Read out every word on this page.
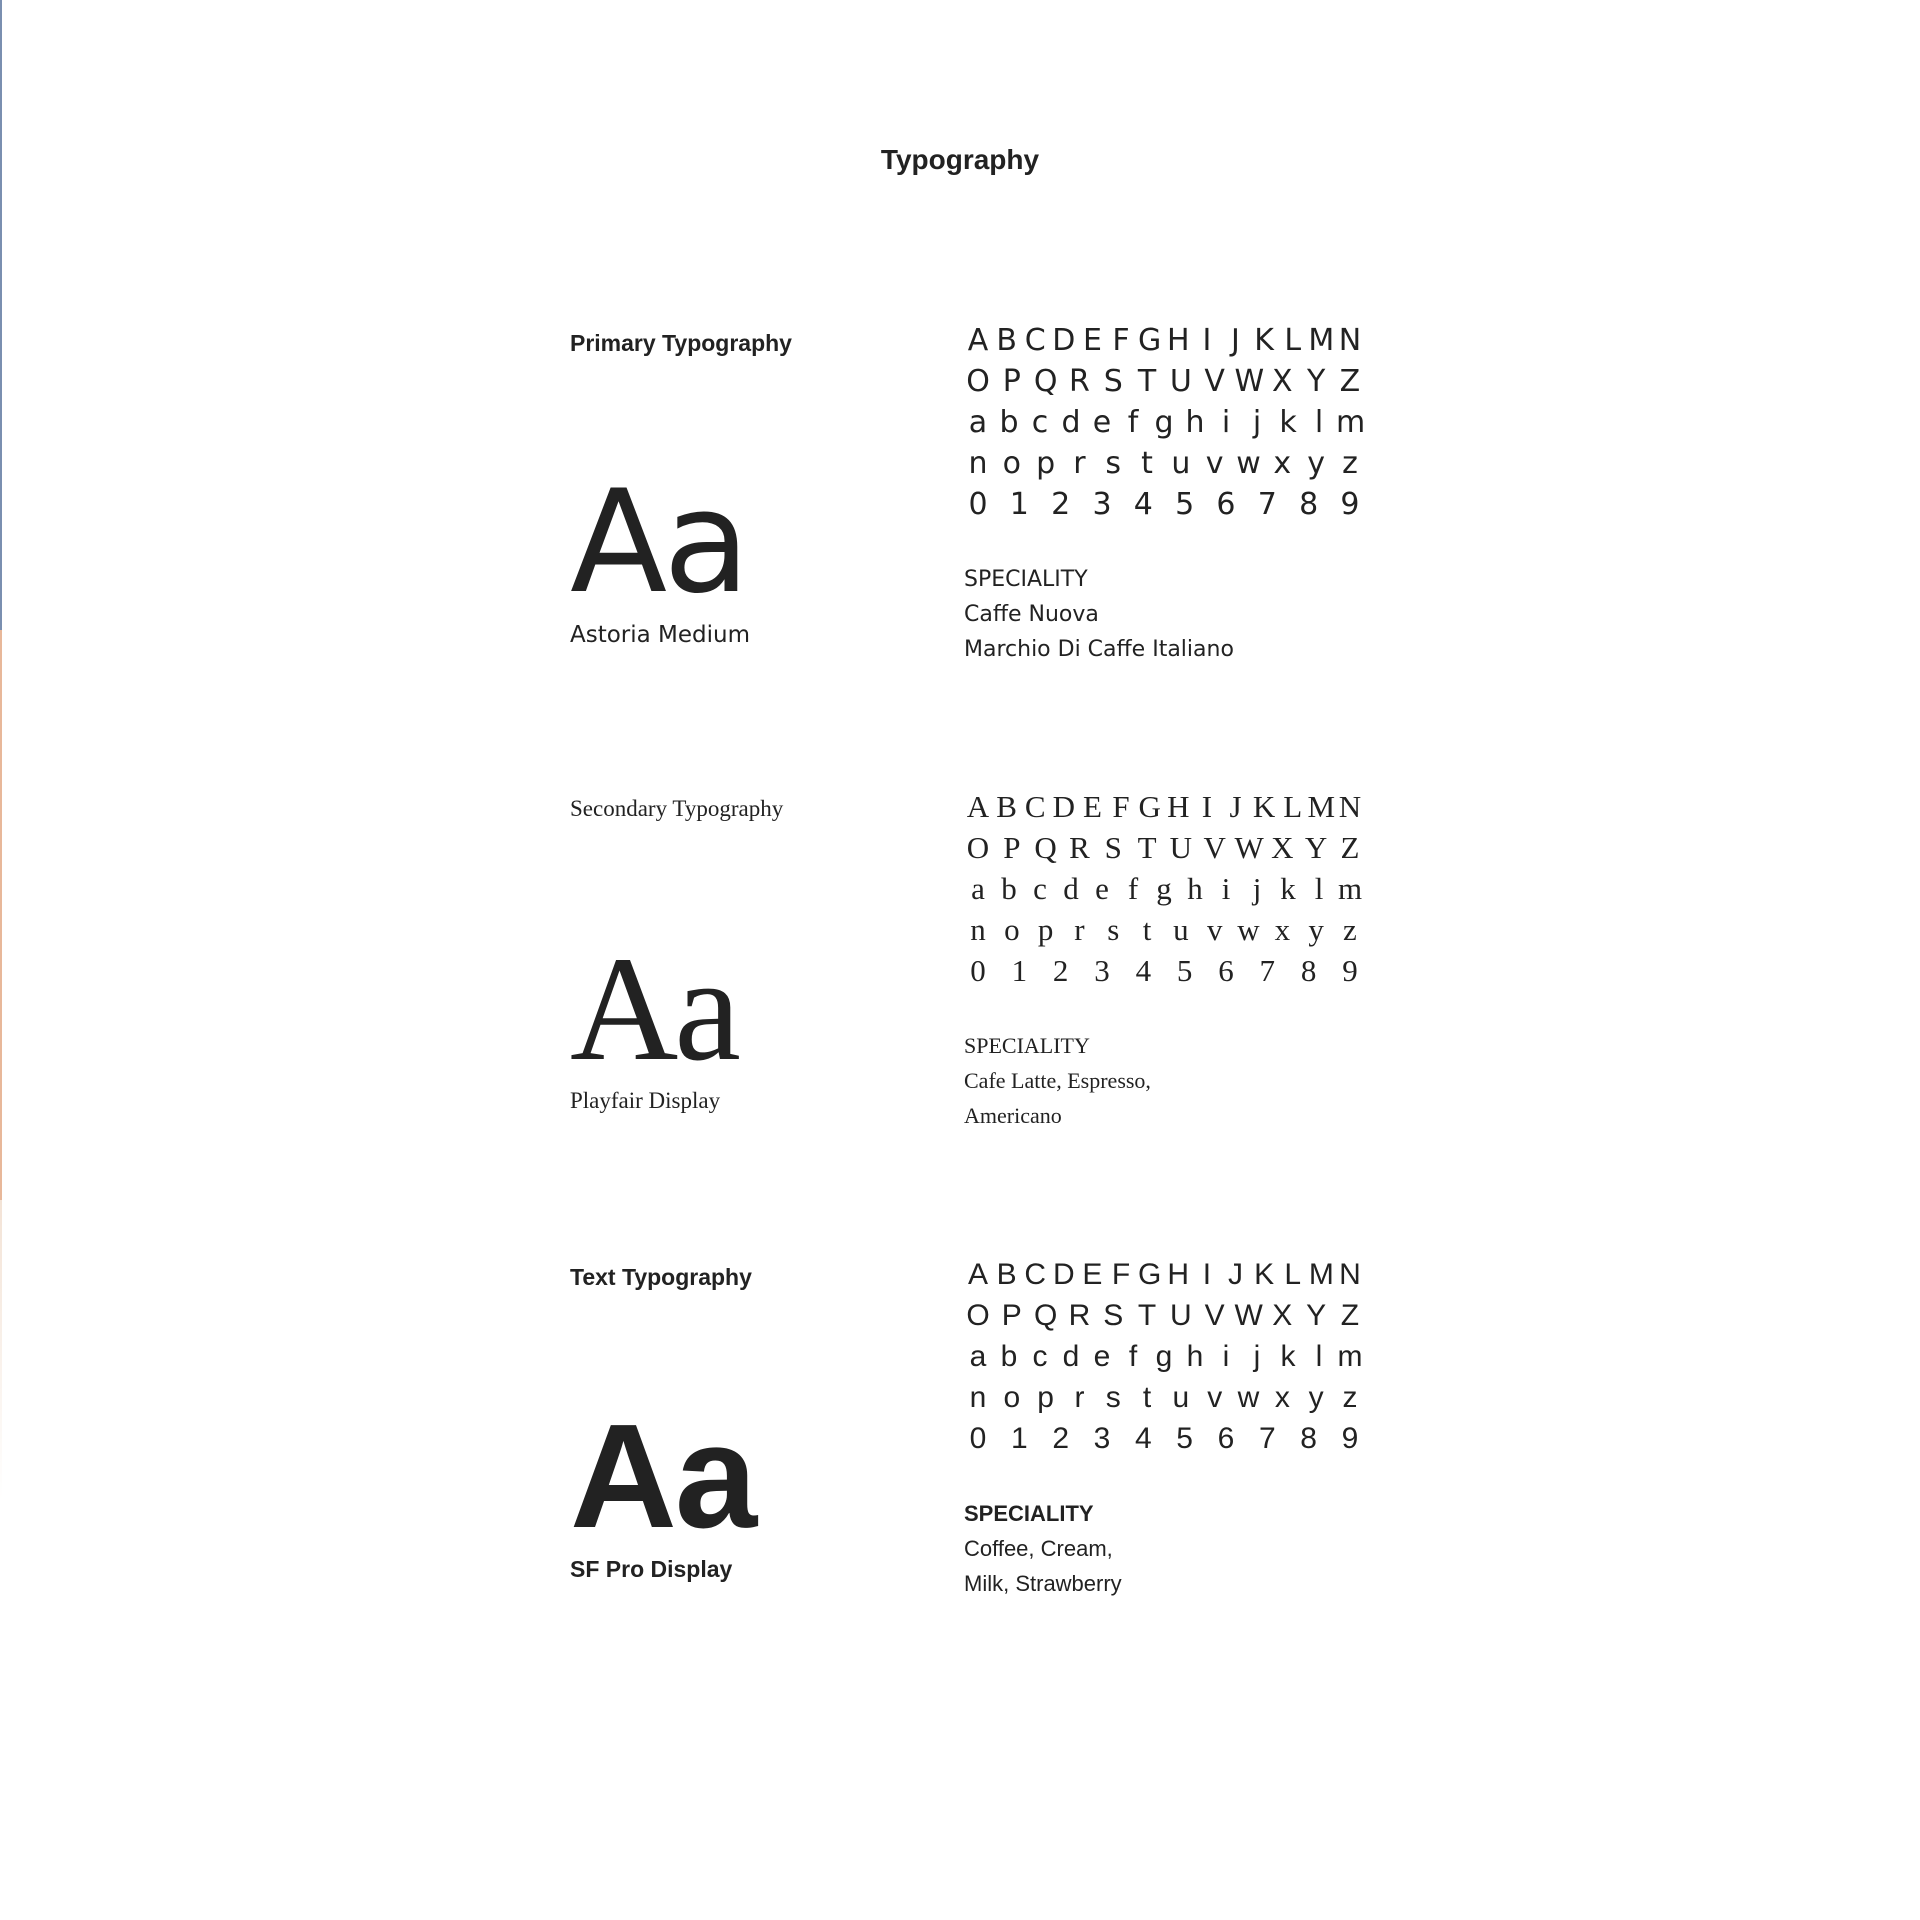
Typography
Primary Typography
Aa
Astoria Medium
A B C D E F G H I J K L M N
O P Q R S T U V W X Y Z
a b c d e f g h i j k l m
n o p r s t u v w x y z
0 1 2 3 4 5 6 7 8 9
SPECIALITY
Caffe Nuova
Marchio Di Caffe Italiano
Secondary Typography
Aa
Playfair Display
A B C D E F G H I J K L M N
O P Q R S T U V W X Y Z
a b c d e f g h i j k l m
n o p r s t u v w x y z
0 1 2 3 4 5 6 7 8 9
SPECIALITY
Cafe Latte, Espresso,
Americano
Text Typography
Aa
SF Pro Display
A B C D E F G H I J K L M N
O P Q R S T U V W X Y Z
a b c d e f g h i j k l m
n o p r s t u v w x y z
0 1 2 3 4 5 6 7 8 9
SPECIALITY
Coffee, Cream,
Milk, Strawberry
